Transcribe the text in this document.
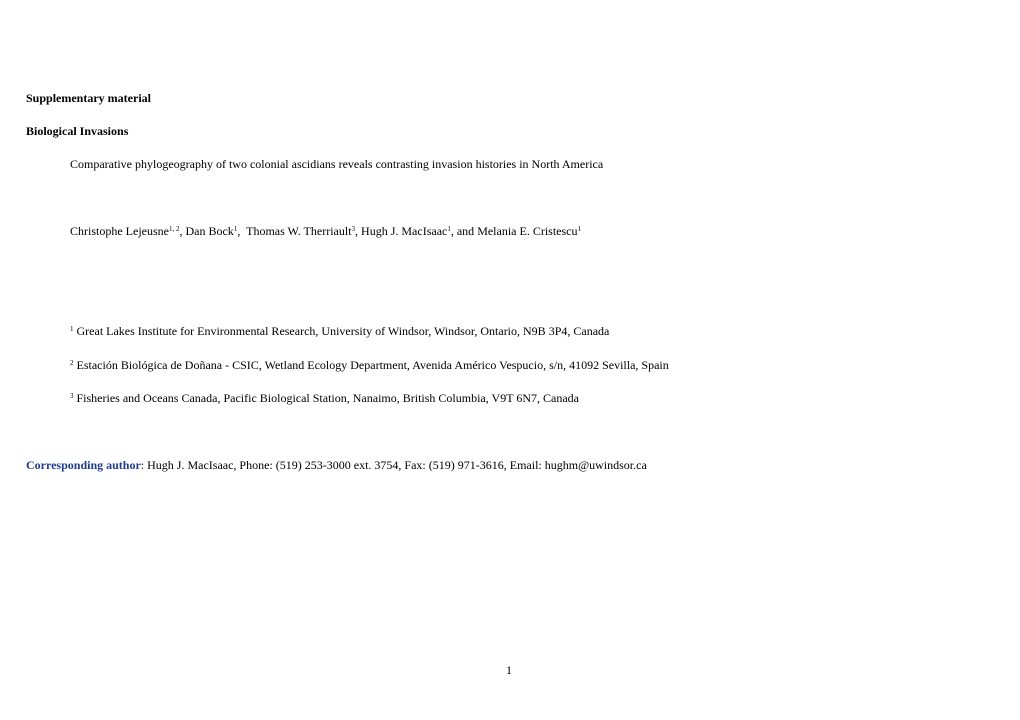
Supplementary material
Biological Invasions
Comparative phylogeography of two colonial ascidians reveals contrasting invasion histories in North America
Christophe Lejeusne$^{1, 2}$, Dan Bock$^1$,  Thomas W. Therriault$^3$, Hugh J. MacIsaac$^1$, and Melania E. Cristescu$^1$
$^1$ Great Lakes Institute for Environmental Research, University of Windsor, Windsor, Ontario, N9B 3P4, Canada
$^2$ Estación Biológica de Doñana - CSIC, Wetland Ecology Department, Avenida Américo Vespucio, s/n, 41092 Sevilla, Spain
$^3$ Fisheries and Oceans Canada, Pacific Biological Station, Nanaimo, British Columbia, V9T 6N7, Canada
Corresponding author: Hugh J. MacIsaac, Phone: (519) 253-3000 ext. 3754, Fax: (519) 971-3616, Email: hughm@uwindsor.ca
1
